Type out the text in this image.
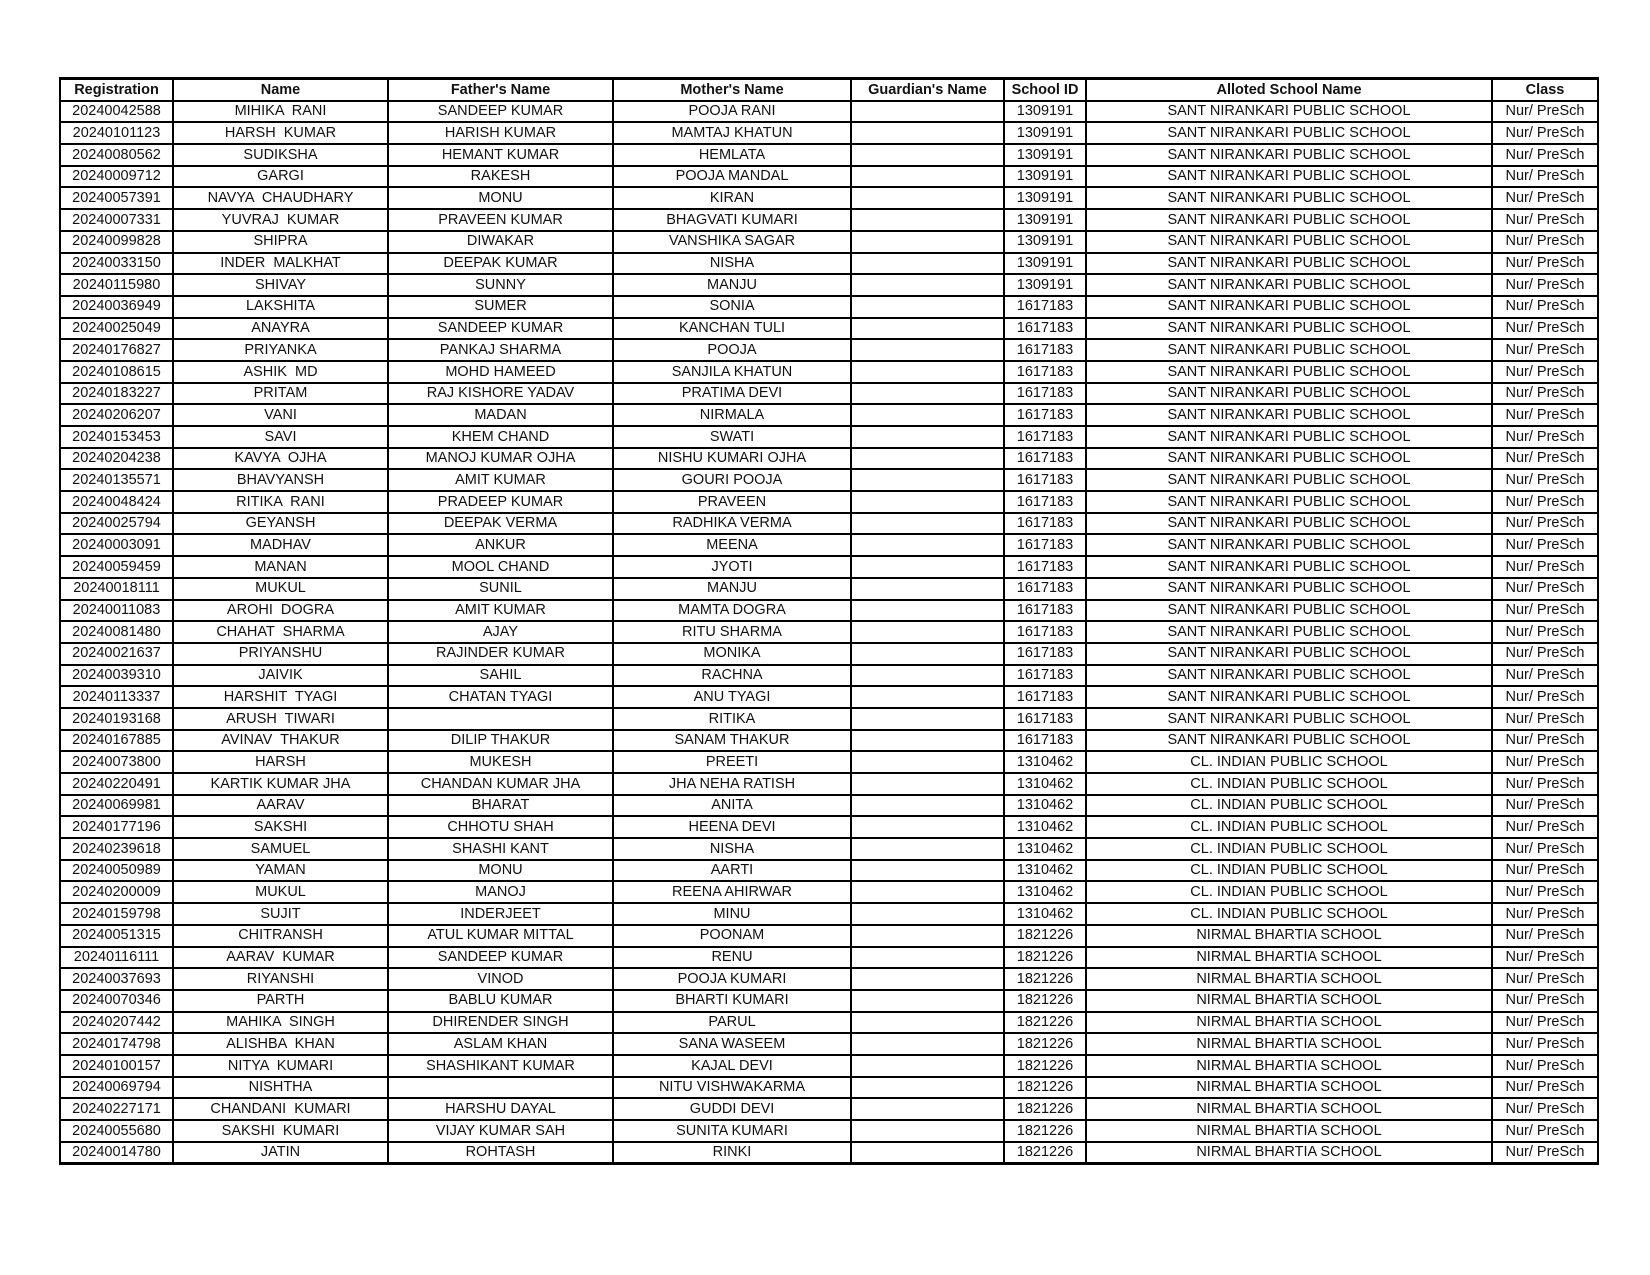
Registration	Name	Father's Name	Mother's Name	Guardian's Name	School ID	Alloted School Name	Class
20240042588	MIHIKA  RANI	SANDEEP KUMAR	POOJA RANI		1309191	SANT NIRANKARI PUBLIC SCHOOL	Nur/ PreSch
20240101123	HARSH  KUMAR	HARISH KUMAR	MAMTAJ KHATUN		1309191	SANT NIRANKARI PUBLIC SCHOOL	Nur/ PreSch
20240080562	SUDIKSHA	HEMANT KUMAR	HEMLATA		1309191	SANT NIRANKARI PUBLIC SCHOOL	Nur/ PreSch
20240009712	GARGI	RAKESH	POOJA MANDAL		1309191	SANT NIRANKARI PUBLIC SCHOOL	Nur/ PreSch
20240057391	NAVYA  CHAUDHARY	MONU	KIRAN		1309191	SANT NIRANKARI PUBLIC SCHOOL	Nur/ PreSch
20240007331	YUVRAJ  KUMAR	PRAVEEN KUMAR	BHAGVATI KUMARI		1309191	SANT NIRANKARI PUBLIC SCHOOL	Nur/ PreSch
20240099828	SHIPRA	DIWAKAR	VANSHIKA SAGAR		1309191	SANT NIRANKARI PUBLIC SCHOOL	Nur/ PreSch
20240033150	INDER  MALKHAT	DEEPAK KUMAR	NISHA		1309191	SANT NIRANKARI PUBLIC SCHOOL	Nur/ PreSch
20240115980	SHIVAY	SUNNY	MANJU		1309191	SANT NIRANKARI PUBLIC SCHOOL	Nur/ PreSch
20240036949	LAKSHITA	SUMER	SONIA		1617183	SANT NIRANKARI PUBLIC SCHOOL	Nur/ PreSch
20240025049	ANAYRA	SANDEEP KUMAR	KANCHAN TULI		1617183	SANT NIRANKARI PUBLIC SCHOOL	Nur/ PreSch
20240176827	PRIYANKA	PANKAJ SHARMA	POOJA		1617183	SANT NIRANKARI PUBLIC SCHOOL	Nur/ PreSch
20240108615	ASHIK  MD	MOHD HAMEED	SANJILA KHATUN		1617183	SANT NIRANKARI PUBLIC SCHOOL	Nur/ PreSch
20240183227	PRITAM	RAJ KISHORE YADAV	PRATIMA DEVI		1617183	SANT NIRANKARI PUBLIC SCHOOL	Nur/ PreSch
20240206207	VANI	MADAN	NIRMALA		1617183	SANT NIRANKARI PUBLIC SCHOOL	Nur/ PreSch
20240153453	SAVI	KHEM CHAND	SWATI		1617183	SANT NIRANKARI PUBLIC SCHOOL	Nur/ PreSch
20240204238	KAVYA  OJHA	MANOJ KUMAR OJHA	NISHU KUMARI OJHA		1617183	SANT NIRANKARI PUBLIC SCHOOL	Nur/ PreSch
20240135571	BHAVYANSH	AMIT KUMAR	GOURI POOJA		1617183	SANT NIRANKARI PUBLIC SCHOOL	Nur/ PreSch
20240048424	RITIKA  RANI	PRADEEP KUMAR	PRAVEEN		1617183	SANT NIRANKARI PUBLIC SCHOOL	Nur/ PreSch
20240025794	GEYANSH	DEEPAK VERMA	RADHIKA VERMA		1617183	SANT NIRANKARI PUBLIC SCHOOL	Nur/ PreSch
20240003091	MADHAV	ANKUR	MEENA		1617183	SANT NIRANKARI PUBLIC SCHOOL	Nur/ PreSch
20240059459	MANAN	MOOL CHAND	JYOTI		1617183	SANT NIRANKARI PUBLIC SCHOOL	Nur/ PreSch
20240018111	MUKUL	SUNIL	MANJU		1617183	SANT NIRANKARI PUBLIC SCHOOL	Nur/ PreSch
20240011083	AROHI  DOGRA	AMIT KUMAR	MAMTA DOGRA		1617183	SANT NIRANKARI PUBLIC SCHOOL	Nur/ PreSch
20240081480	CHAHAT  SHARMA	AJAY	RITU SHARMA		1617183	SANT NIRANKARI PUBLIC SCHOOL	Nur/ PreSch
20240021637	PRIYANSHU	RAJINDER KUMAR	MONIKA		1617183	SANT NIRANKARI PUBLIC SCHOOL	Nur/ PreSch
20240039310	JAIVIK	SAHIL	RACHNA		1617183	SANT NIRANKARI PUBLIC SCHOOL	Nur/ PreSch
20240113337	HARSHIT  TYAGI	CHATAN TYAGI	ANU TYAGI		1617183	SANT NIRANKARI PUBLIC SCHOOL	Nur/ PreSch
20240193168	ARUSH  TIWARI		RITIKA		1617183	SANT NIRANKARI PUBLIC SCHOOL	Nur/ PreSch
20240167885	AVINAV  THAKUR	DILIP THAKUR	SANAM THAKUR		1617183	SANT NIRANKARI PUBLIC SCHOOL	Nur/ PreSch
20240073800	HARSH	MUKESH	PREETI		1310462	CL. INDIAN PUBLIC SCHOOL	Nur/ PreSch
20240220491	KARTIK KUMAR JHA	CHANDAN KUMAR JHA	JHA NEHA RATISH		1310462	CL. INDIAN PUBLIC SCHOOL	Nur/ PreSch
20240069981	AARAV	BHARAT	ANITA		1310462	CL. INDIAN PUBLIC SCHOOL	Nur/ PreSch
20240177196	SAKSHI	CHHOTU SHAH	HEENA DEVI		1310462	CL. INDIAN PUBLIC SCHOOL	Nur/ PreSch
20240239618	SAMUEL	SHASHI KANT	NISHA		1310462	CL. INDIAN PUBLIC SCHOOL	Nur/ PreSch
20240050989	YAMAN	MONU	AARTI		1310462	CL. INDIAN PUBLIC SCHOOL	Nur/ PreSch
20240200009	MUKUL	MANOJ	REENA AHIRWAR		1310462	CL. INDIAN PUBLIC SCHOOL	Nur/ PreSch
20240159798	SUJIT	INDERJEET	MINU		1310462	CL. INDIAN PUBLIC SCHOOL	Nur/ PreSch
20240051315	CHITRANSH	ATUL KUMAR MITTAL	POONAM		1821226	NIRMAL BHARTIA SCHOOL	Nur/ PreSch
20240116111	AARAV  KUMAR	SANDEEP KUMAR	RENU		1821226	NIRMAL BHARTIA SCHOOL	Nur/ PreSch
20240037693	RIYANSHI	VINOD	POOJA KUMARI		1821226	NIRMAL BHARTIA SCHOOL	Nur/ PreSch
20240070346	PARTH	BABLU KUMAR	BHARTI KUMARI		1821226	NIRMAL BHARTIA SCHOOL	Nur/ PreSch
20240207442	MAHIKA  SINGH	DHIRENDER SINGH	PARUL		1821226	NIRMAL BHARTIA SCHOOL	Nur/ PreSch
20240174798	ALISHBA  KHAN	ASLAM KHAN	SANA WASEEM		1821226	NIRMAL BHARTIA SCHOOL	Nur/ PreSch
20240100157	NITYA  KUMARI	SHASHIKANT KUMAR	KAJAL DEVI		1821226	NIRMAL BHARTIA SCHOOL	Nur/ PreSch
20240069794	NISHTHA		NITU VISHWAKARMA		1821226	NIRMAL BHARTIA SCHOOL	Nur/ PreSch
20240227171	CHANDANI  KUMARI	HARSHU DAYAL	GUDDI DEVI		1821226	NIRMAL BHARTIA SCHOOL	Nur/ PreSch
20240055680	SAKSHI  KUMARI	VIJAY KUMAR SAH	SUNITA KUMARI		1821226	NIRMAL BHARTIA SCHOOL	Nur/ PreSch
20240014780	JATIN	ROHTASH	RINKI		1821226	NIRMAL BHARTIA SCHOOL	Nur/ PreSch
